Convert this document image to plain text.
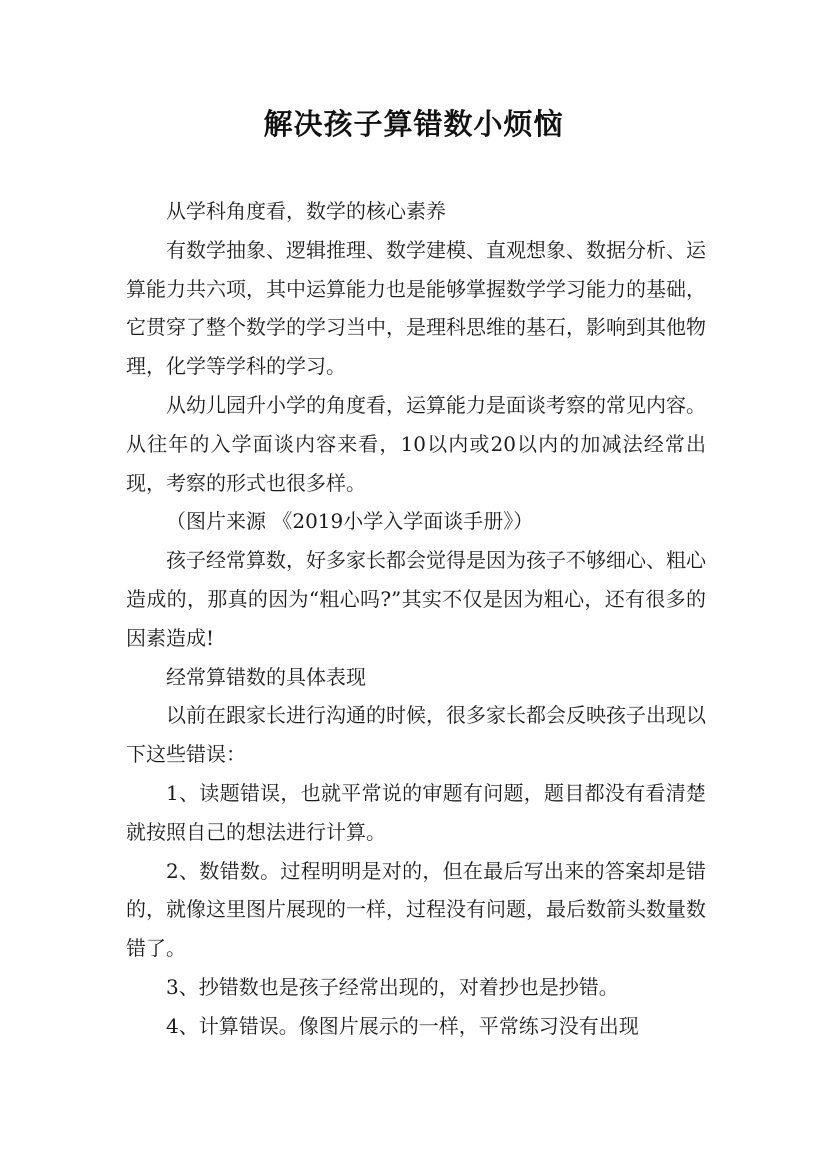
解决孩子算错数小烦恼

从学科角度看，数学的核心素养

有数学抽象、逻辑推理、数学建模、直观想象、数据分析、运算能力共六项，其中运算能力也是能够掌握数学学习能力的基础，它贯穿了整个数学的学习当中，是理科思维的基石，影响到其他物理，化学等学科的学习。

从幼儿园升小学的角度看，运算能力是面谈考察的常见内容。从往年的入学面谈内容来看，10以内或20以内的加减法经常出现，考察的形式也很多样。

（图片来源 《2019小学入学面谈手册》）

孩子经常算数，好多家长都会觉得是因为孩子不够细心、粗心造成的，那真的因为“粗心吗?”其实不仅是因为粗心，还有很多的因素造成!

经常算错数的具体表现

以前在跟家长进行沟通的时候，很多家长都会反映孩子出现以下这些错误：

1、读题错误，也就平常说的审题有问题，题目都没有看清楚就按照自己的想法进行计算。

2、数错数。过程明明是对的，但在最后写出来的答案却是错的，就像这里图片展现的一样，过程没有问题，最后数箭头数量数错了。

3、抄错数也是孩子经常出现的，对着抄也是抄错。

4、计算错误。像图片展示的一样，平常练习没有出现
